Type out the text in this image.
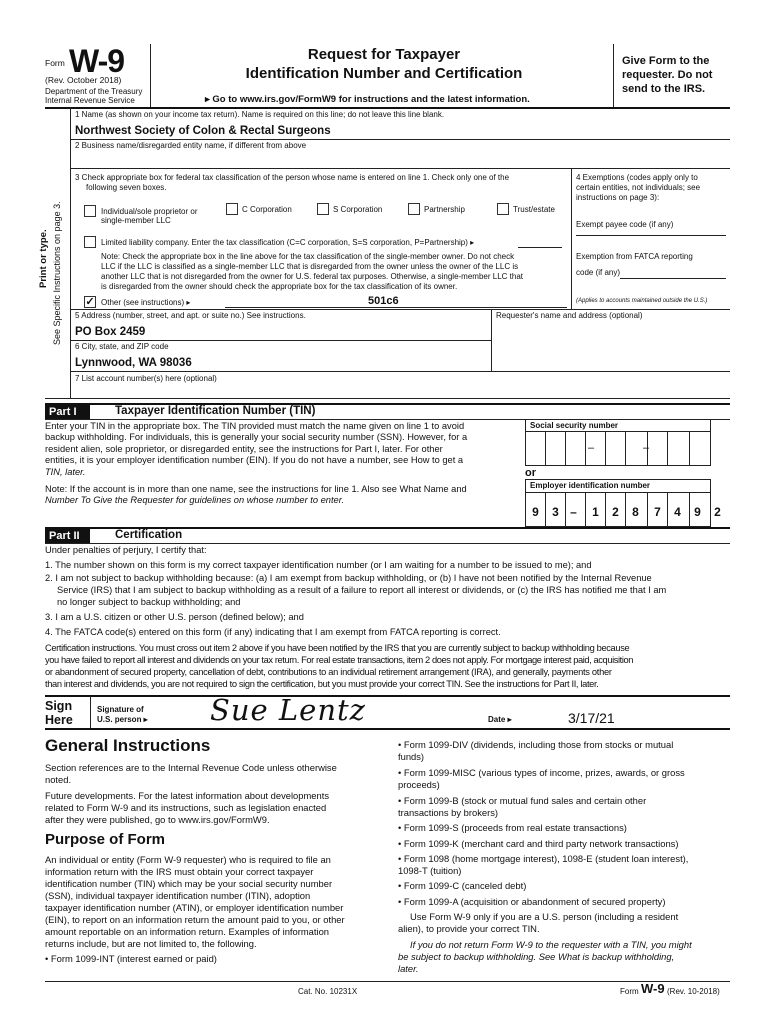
Form W-9
(Rev. October 2018)
Department of the Treasury
Internal Revenue Service
Request for Taxpayer
Identification Number and Certification
▸ Go to www.irs.gov/FormW9 for instructions and the latest information.
Give Form to the requester. Do not send to the IRS.
Print or type. See Specific Instructions on page 3.
1 Name (as shown on your income tax return). Name is required on this line; do not leave this line blank.
Northwest Society of Colon & Rectal Surgeons
2 Business name/disregarded entity name, if different from above
3 Check appropriate box for federal tax classification of the person whose name is entered on line 1. Check only one of the
following seven boxes.
Individual/sole proprietor or
single-member LLC
C Corporation	S Corporation	Partnership	Trust/estate
Limited liability company. Enter the tax classification (C=C corporation, S=S corporation, P=Partnership) ▸
Note: Check the appropriate box in the line above for the tax classification of the single-member owner. Do not check
LLC if the LLC is classified as a single-member LLC that is disregarded from the owner unless the owner of the LLC is
another LLC that is not disregarded from the owner for U.S. federal tax purposes. Otherwise, a single-member LLC that
is disregarded from the owner should check the appropriate box for the tax classification of its owner.
✓ Other (see instructions) ▸	501c6
4 Exemptions (codes apply only to
certain entities, not individuals; see
instructions on page 3):
Exempt payee code (if any)
Exemption from FATCA reporting
code (if any)
(Applies to accounts maintained outside the U.S.)
5 Address (number, street, and apt. or suite no.) See instructions.
PO Box 2459
Requester's name and address (optional)
6 City, state, and ZIP code
Lynnwood, WA 98036
7 List account number(s) here (optional)
Part I	Taxpayer Identification Number (TIN)
Enter your TIN in the appropriate box. The TIN provided must match the name given on line 1 to avoid
backup withholding. For individuals, this is generally your social security number (SSN). However, for a
resident alien, sole proprietor, or disregarded entity, see the instructions for Part I, later. For other
entities, it is your employer identification number (EIN). If you do not have a number, see How to get a
TIN, later.
Note: If the account is in more than one name, see the instructions for line 1. Also see What Name and
Number To Give the Requester for guidelines on whose number to enter.
Social security number
–	–
or
Employer identification number
9	3 –	1	2	8	7	4	9	2
Part II	Certification
Under penalties of perjury, I certify that:
1. The number shown on this form is my correct taxpayer identification number (or I am waiting for a number to be issued to me); and
2. I am not subject to backup withholding because: (a) I am exempt from backup withholding, or (b) I have not been notified by the Internal Revenue
Service (IRS) that I am subject to backup withholding as a result of a failure to report all interest or dividends, or (c) the IRS has notified me that I am
no longer subject to backup withholding; and
3. I am a U.S. citizen or other U.S. person (defined below); and
4. The FATCA code(s) entered on this form (if any) indicating that I am exempt from FATCA reporting is correct.
Certification instructions. You must cross out item 2 above if you have been notified by the IRS that you are currently subject to backup withholding because
you have failed to report all interest and dividends on your tax return. For real estate transactions, item 2 does not apply. For mortgage interest paid, acquisition
or abandonment of secured property, cancellation of debt, contributions to an individual retirement arrangement (IRA), and generally, payments other
than interest and dividends, you are not required to sign the certification, but you must provide your correct TIN. See the instructions for Part II, later.
Sign
Here
Signature of
U.S. person ▸ Sue Lentz	Date ▸	3/17/21
General Instructions
Section references are to the Internal Revenue Code unless otherwise
noted.
Future developments. For the latest information about developments
related to Form W-9 and its instructions, such as legislation enacted
after they were published, go to www.irs.gov/FormW9.
Purpose of Form
An individual or entity (Form W-9 requester) who is required to file an
information return with the IRS must obtain your correct taxpayer
identification number (TIN) which may be your social security number
(SSN), individual taxpayer identification number (ITIN), adoption
taxpayer identification number (ATIN), or employer identification number
(EIN), to report on an information return the amount paid to you, or other
amount reportable on an information return. Examples of information
returns include, but are not limited to, the following.
• Form 1099-INT (interest earned or paid)
• Form 1099-DIV (dividends, including those from stocks or mutual
funds)
• Form 1099-MISC (various types of income, prizes, awards, or gross
proceeds)
• Form 1099-B (stock or mutual fund sales and certain other
transactions by brokers)
• Form 1099-S (proceeds from real estate transactions)
• Form 1099-K (merchant card and third party network transactions)
• Form 1098 (home mortgage interest), 1098-E (student loan interest),
1098-T (tuition)
• Form 1099-C (canceled debt)
• Form 1099-A (acquisition or abandonment of secured property)
Use Form W-9 only if you are a U.S. person (including a resident
alien), to provide your correct TIN.
If you do not return Form W-9 to the requester with a TIN, you might
be subject to backup withholding. See What is backup withholding,
later.
Cat. No. 10231X	Form W-9 (Rev. 10-2018)
